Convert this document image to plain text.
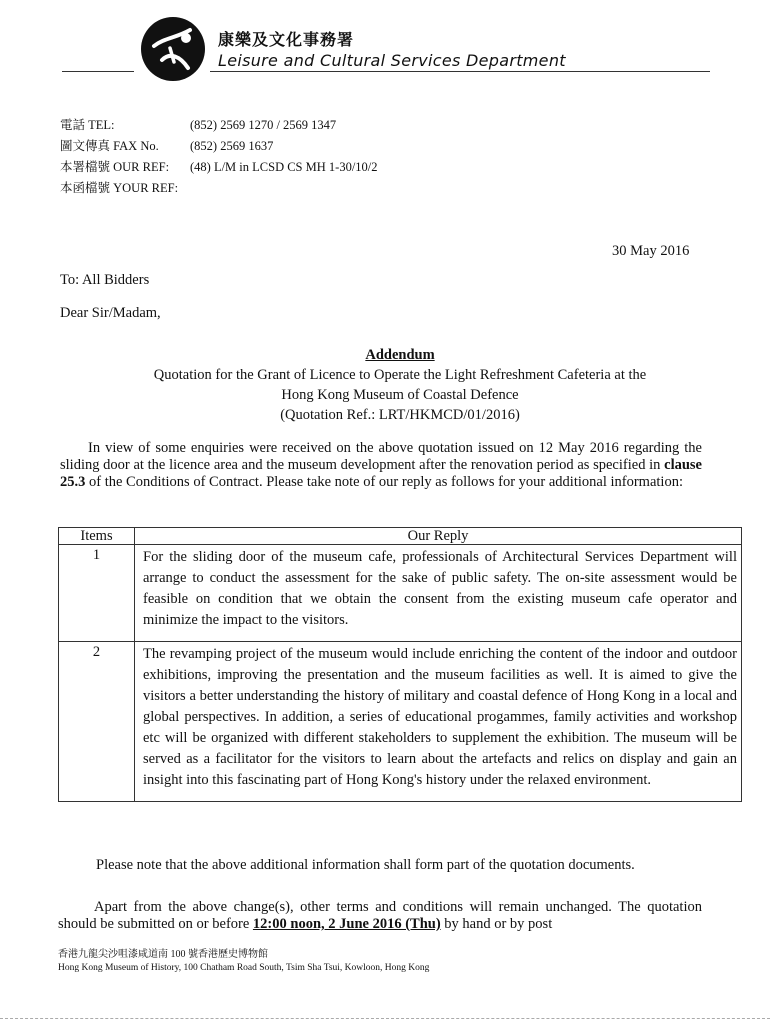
康樂及文化事務署
Leisure and Cultural Services Department
電話 TEL:	(852) 2569 1270 / 2569 1347
圖文傳真 FAX No.	(852) 2569 1637
本署檔號 OUR REF:	(48) L/M in LCSD CS MH 1-30/10/2
本函檔號 YOUR REF:
30 May 2016
To: All Bidders
Dear Sir/Madam,
Addendum
Quotation for the Grant of Licence to Operate the Light Refreshment Cafeteria at the
Hong Kong Museum of Coastal Defence
(Quotation Ref.: LRT/HKMCD/01/2016)
In view of some enquiries were received on the above quotation issued on 12 May 2016 regarding the sliding door at the licence area and the museum development after the renovation period as specified in clause 25.3 of the Conditions of Contract. Please take note of our reply as follows for your additional information:
Items	Our Reply
1	For the sliding door of the museum cafe, professionals of Architectural Services Department will arrange to conduct the assessment for the sake of public safety. The on-site assessment would be feasible on condition that we obtain the consent from the existing museum cafe operator and minimize the impact to the visitors.
2	The revamping project of the museum would include enriching the content of the indoor and outdoor exhibitions, improving the presentation and the museum facilities as well. It is aimed to give the visitors a better understanding the history of military and coastal defence of Hong Kong in a local and global perspectives. In addition, a series of educational progammes, family activities and workshop etc will be organized with different stakeholders to supplement the exhibition. The museum will be served as a facilitator for the visitors to learn about the artefacts and relics on display and gain an insight into this fascinating part of Hong Kong's history under the relaxed environment.
Please note that the above additional information shall form part of the quotation documents.
Apart from the above change(s), other terms and conditions will remain unchanged. The quotation should be submitted on or before 12:00 noon, 2 June 2016 (Thu) by hand or by post
香港九龍尖沙咀漆咸道南 100 號香港歷史博物館
Hong Kong Museum of History, 100 Chatham Road South, Tsim Sha Tsui, Kowloon, Hong Kong
